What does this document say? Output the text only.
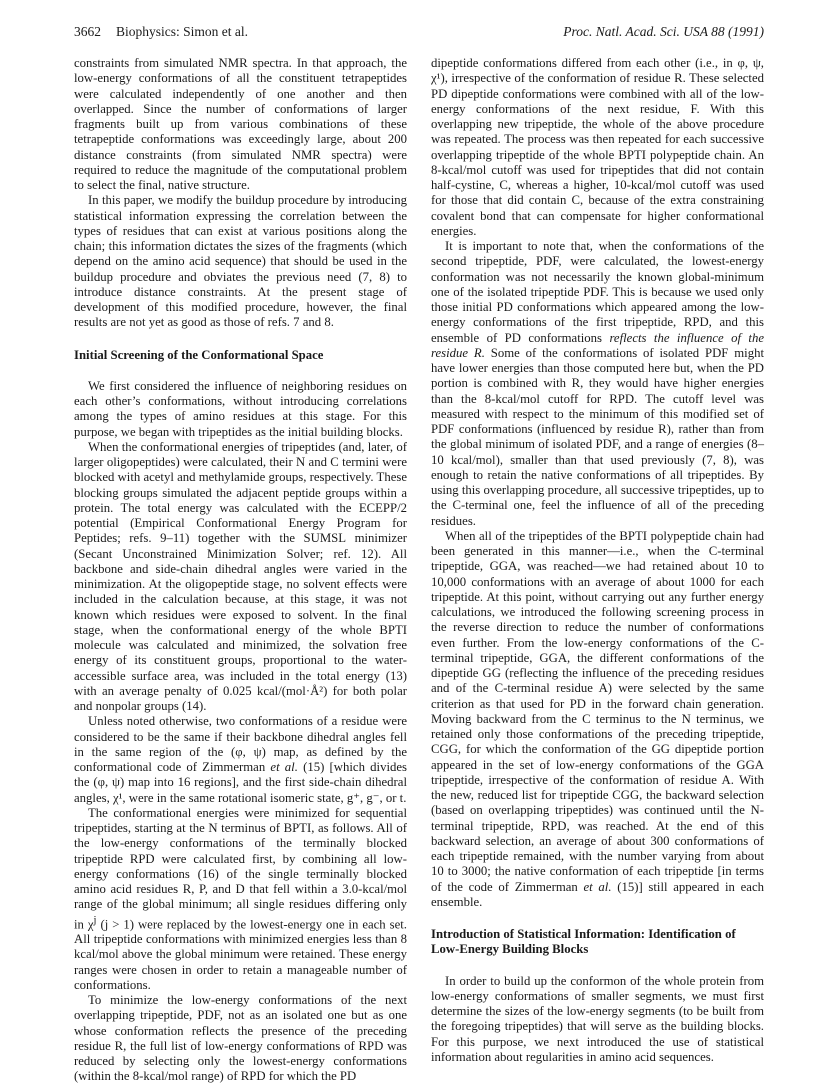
3662 Biophysics: Simon et al.	Proc. Natl. Acad. Sci. USA 88 (1991)

constraints from simulated NMR spectra. In that approach, the low-energy conformations of all the constituent tetrapeptides were calculated independently of one another and then overlapped. Since the number of conformations of larger fragments built up from various combinations of these tetrapeptide conformations was exceedingly large, about 200 distance constraints (from simulated NMR spectra) were required to reduce the magnitude of the computational problem to select the final, native structure.

In this paper, we modify the buildup procedure by introducing statistical information expressing the correlation between the types of residues that can exist at various positions along the chain; this information dictates the sizes of the fragments (which depend on the amino acid sequence) that should be used in the buildup procedure and obviates the previous need (7, 8) to introduce distance constraints. At the present stage of development of this modified procedure, however, the final results are not yet as good as those of refs. 7 and 8.

Initial Screening of the Conformational Space

We first considered the influence of neighboring residues on each other’s conformations, without introducing correlations among the types of amino residues at this stage. For this purpose, we began with tripeptides as the initial building blocks.

When the conformational energies of tripeptides (and, later, of larger oligopeptides) were calculated, their N and C termini were blocked with acetyl and methylamide groups, respectively. These blocking groups simulated the adjacent peptide groups within a protein. The total energy was calculated with the ECEPP/2 potential (Empirical Conformational Energy Program for Peptides; refs. 9–11) together with the SUMSL minimizer (Secant Unconstrained Minimization Solver; ref. 12). All backbone and side-chain dihedral angles were varied in the minimization. At the oligopeptide stage, no solvent effects were included in the calculation because, at this stage, it was not known which residues were exposed to solvent. In the final stage, when the conformational energy of the whole BPTI molecule was calculated and minimized, the solvation free energy of its constituent groups, proportional to the water-accessible surface area, was included in the total energy (13) with an average penalty of 0.025 kcal/(mol·Å²) for both polar and nonpolar groups (14).

Unless noted otherwise, two conformations of a residue were considered to be the same if their backbone dihedral angles fell in the same region of the (φ, ψ) map, as defined by the conformational code of Zimmerman et al. (15) [which divides the (φ, ψ) map into 16 regions], and the first side-chain dihedral angles, χ¹, were in the same rotational isomeric state, g⁺, g⁻, or t.

The conformational energies were minimized for sequential tripeptides, starting at the N terminus of BPTI, as follows. All of the low-energy conformations of the terminally blocked tripeptide RPD were calculated first, by combining all low-energy conformations (16) of the single terminally blocked amino acid residues R, P, and D that fell within a 3.0-kcal/mol range of the global minimum; all single residues differing only in $\chi^j$ (j > 1) were replaced by the lowest-energy one in each set. All tripeptide conformations with minimized energies less than 8 kcal/mol above the global minimum were retained. These energy ranges were chosen in order to retain a manageable number of conformations.

To minimize the low-energy conformations of the next overlapping tripeptide, PDF, not as an isolated one but as one whose conformation reflects the presence of the preceding residue R, the full list of low-energy conformations of RPD was reduced by selecting only the lowest-energy conformations (within the 8-kcal/mol range) of RPD for which the PD

dipeptide conformations differed from each other (i.e., in φ, ψ, χ¹), irrespective of the conformation of residue R. These selected PD dipeptide conformations were combined with all of the low-energy conformations of the next residue, F. With this overlapping new tripeptide, the whole of the above procedure was repeated. The process was then repeated for each successive overlapping tripeptide of the whole BPTI polypeptide chain. An 8-kcal/mol cutoff was used for tripeptides that did not contain half-cystine, C, whereas a higher, 10-kcal/mol cutoff was used for those that did contain C, because of the extra constraining covalent bond that can compensate for higher conformational energies.

It is important to note that, when the conformations of the second tripeptide, PDF, were calculated, the lowest-energy conformation was not necessarily the known global-minimum one of the isolated tripeptide PDF. This is because we used only those initial PD conformations which appeared among the low-energy conformations of the first tripeptide, RPD, and this ensemble of PD conformations reflects the influence of the residue R. Some of the conformations of isolated PDF might have lower energies than those computed here but, when the PD portion is combined with R, they would have higher energies than the 8-kcal/mol cutoff for RPD. The cutoff level was measured with respect to the minimum of this modified set of PDF conformations (influenced by residue R), rather than from the global minimum of isolated PDF, and a range of energies (8–10 kcal/mol), smaller than that used previously (7, 8), was enough to retain the native conformations of all tripeptides. By using this overlapping procedure, all successive tripeptides, up to the C-terminal one, feel the influence of all of the preceding residues.

When all of the tripeptides of the BPTI polypeptide chain had been generated in this manner—i.e., when the C-terminal tripeptide, GGA, was reached—we had retained about 10 to 10,000 conformations with an average of about 1000 for each tripeptide. At this point, without carrying out any further energy calculations, we introduced the following screening process in the reverse direction to reduce the number of conformations even further. From the low-energy conformations of the C-terminal tripeptide, GGA, the different conformations of the dipeptide GG (reflecting the influence of the preceding residues and of the C-terminal residue A) were selected by the same criterion as that used for PD in the forward chain generation. Moving backward from the C terminus to the N terminus, we retained only those conformations of the preceding tripeptide, CGG, for which the conformation of the GG dipeptide portion appeared in the set of low-energy conformations of the GGA tripeptide, irrespective of the conformation of residue A. With the new, reduced list for tripeptide CGG, the backward selection (based on overlapping tripeptides) was continued until the N-terminal tripeptide, RPD, was reached. At the end of this backward selection, an average of about 300 conformations of each tripeptide remained, with the number varying from about 10 to 3000; the native conformation of each tripeptide [in terms of the code of Zimmerman et al. (15)] still appeared in each ensemble.

Introduction of Statistical Information: Identification of Low-Energy Building Blocks

In order to build up the conformon of the whole protein from low-energy conformations of smaller segments, we must first determine the sizes of the low-energy segments (to be built from the foregoing tripeptides) that will serve as the building blocks. For this purpose, we next introduced the use of statistical information about regularities in amino acid sequences.
